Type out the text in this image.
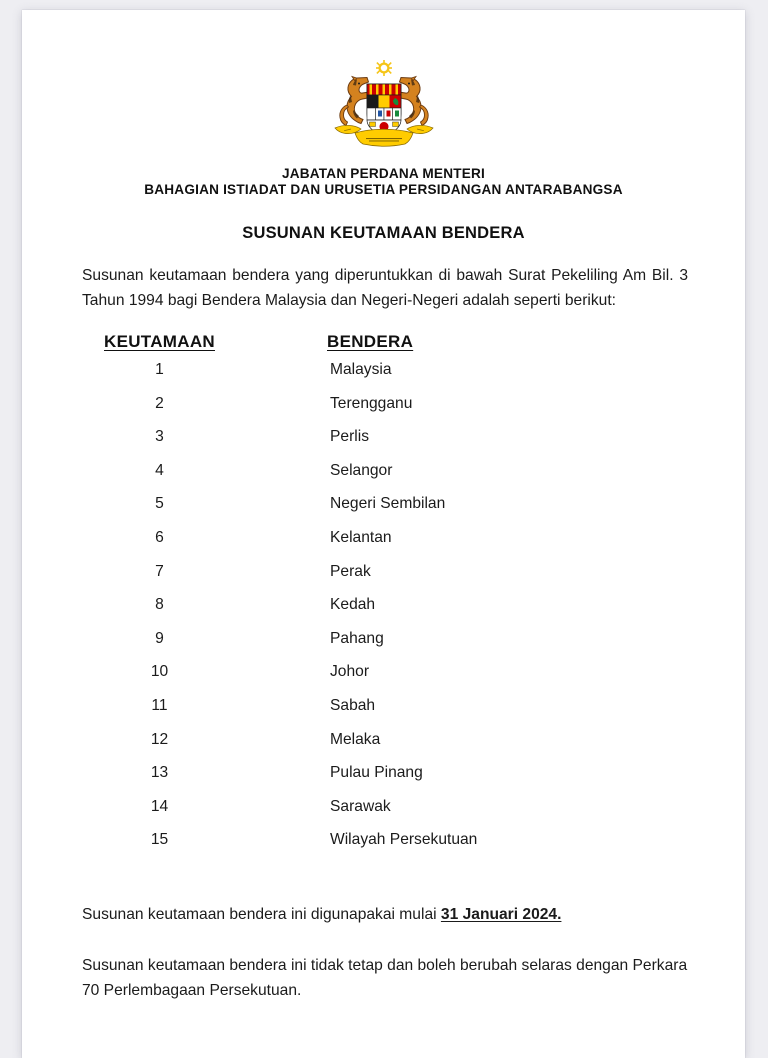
JABATAN PERDANA MENTERI
BAHAGIAN ISTIADAT DAN URUSETIA PERSIDANGAN ANTARABANGSA
SUSUNAN KEUTAMAAN BENDERA

Susunan keutamaan bendera yang diperuntukkan di bawah Surat Pekeliling Am Bil. 3 Tahun 1994 bagi Bendera Malaysia dan Negeri-Negeri adalah seperti berikut:

KEUTAMAAN	BENDERA
1	Malaysia
2	Terengganu
3	Perlis
4	Selangor
5	Negeri Sembilan
6	Kelantan
7	Perak
8	Kedah
9	Pahang
10	Johor
11	Sabah
12	Melaka
13	Pulau Pinang
14	Sarawak
15	Wilayah Persekutuan

Susunan keutamaan bendera ini digunapakai mulai 31 Januari 2024.

Susunan keutamaan bendera ini tidak tetap dan boleh berubah selaras dengan Perkara 70 Perlembagaan Persekutuan.
